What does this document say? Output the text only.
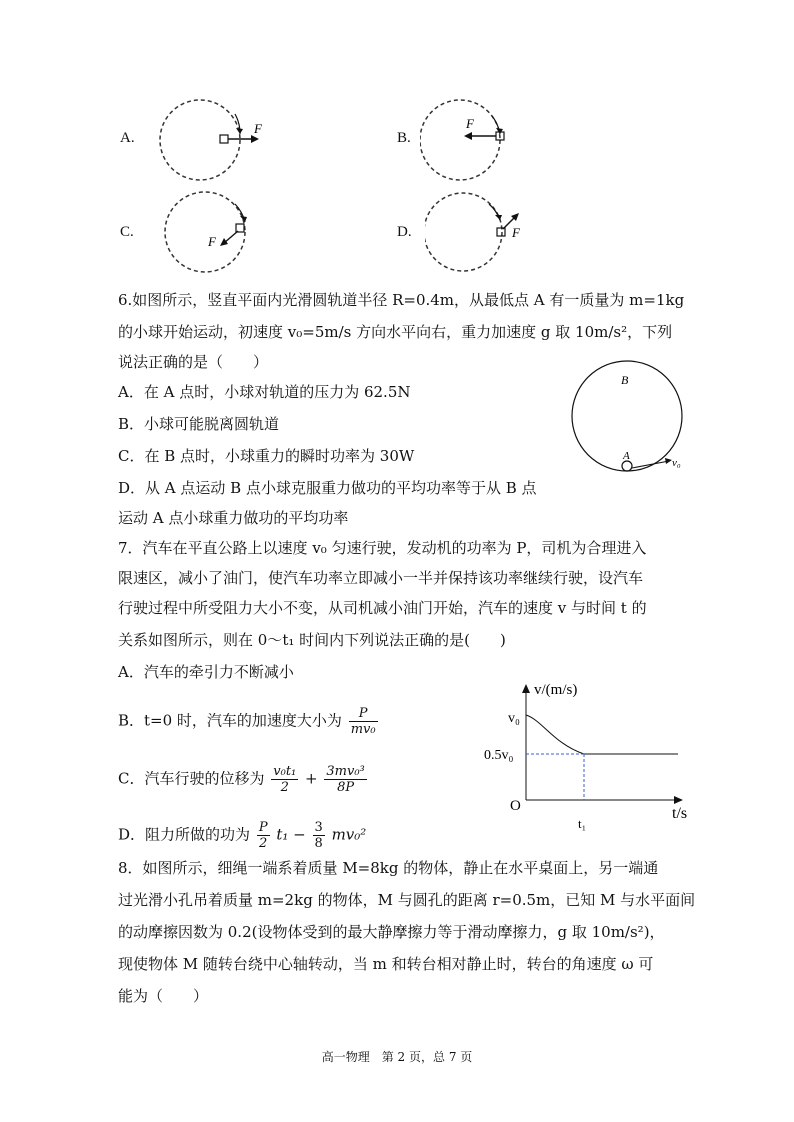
A.
F
B.
F
C.
F
D.	F
6.如图所示，竖直平面内光滑圆轨道半径 R=0.4m，从最低点 A 有一质量为 m=1kg
的小球开始运动，初速度 v₀=5m/s 方向水平向右，重力加速度 g 取 10m/s²，下列
说法正确的是（　　）
A．在 A 点时，小球对轨道的压力为 62.5N
B．小球可能脱离圆轨道
C．在 B 点时，小球重力的瞬时功率为 30W
D．从 A 点运动 B 点小球克服重力做功的平均功率等于从 B 点
运动 A 点小球重力做功的平均功率
B
A
v₀
7．汽车在平直公路上以速度 v₀ 匀速行驶，发动机的功率为 P，司机为合理进入
限速区，减小了油门，使汽车功率立即减小一半并保持该功率继续行驶，设汽车
行驶过程中所受阻力大小不变，从司机减小油门开始，汽车的速度 v 与时间 t 的
关系如图所示，则在 0～t₁ 时间内下列说法正确的是(　　)
A．汽车的牵引力不断减小
B．t=0 时，汽车的加速度大小为 $\frac{P}{\text{mv₀}}$
C．汽车行驶的位移为 $\frac{\text{v₀t₁}}{2} + \frac{\text{3mv₀³}}{8P}$
D．阻力所做的功为 $\frac{P}{2} t_1 - \frac{3}{8} mv_0^2$
v/(m/s)
v₀
0.5v₀
O
t₁
t/s
8．如图所示，细绳一端系着质量 M=8kg 的物体，静止在水平桌面上，另一端通
过光滑小孔吊着质量 m=2kg 的物体，M 与圆孔的距离 r=0.5m，已知 M 与水平面间
的动摩擦因数为 0.2(设物体受到的最大静摩擦力等于滑动摩擦力，g 取 10m/s²)，
现使物体 M 随转台绕中心轴转动，当 m 和转台相对静止时，转台的角速度 ω 可
能为（　　）
高一物理　第 2 页，总 7 页
